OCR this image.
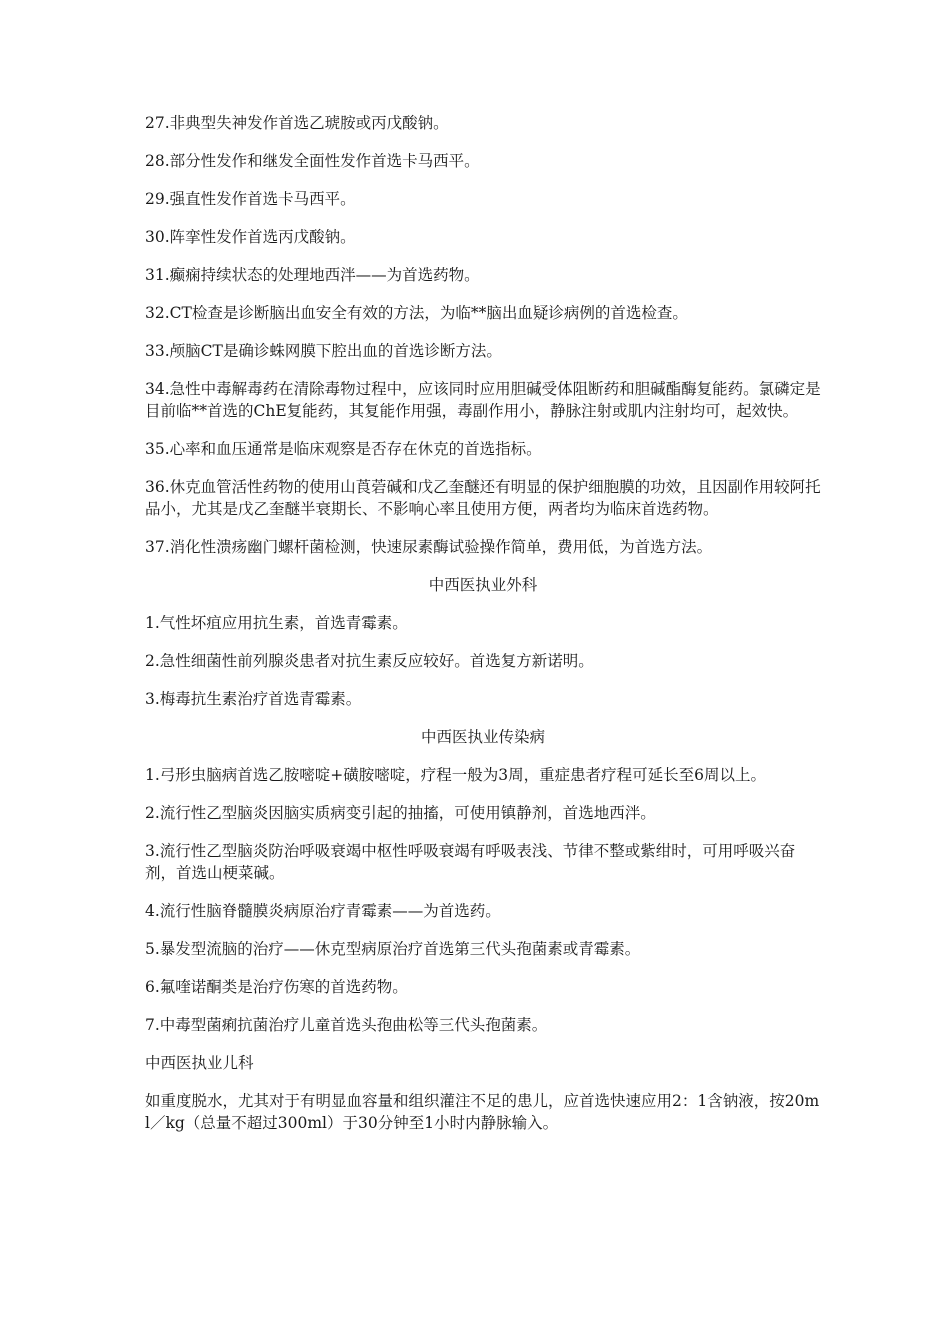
27.非典型失神发作首选乙琥胺或丙戊酸钠。

28.部分性发作和继发全面性发作首选卡马西平。

29.强直性发作首选卡马西平。

30.阵挛性发作首选丙戊酸钠。

31.癫痫持续状态的处理地西泮——为首选药物。

32.CT检查是诊断脑出血安全有效的方法，为临**脑出血疑诊病例的首选检查。

33.颅脑CT是确诊蛛网膜下腔出血的首选诊断方法。

34.急性中毒解毒药在清除毒物过程中，应该同时应用胆碱受体阻断药和胆碱酯酶复能药。氯磷定是目前临**首选的ChE复能药，其复能作用强，毒副作用小，静脉注射或肌内注射均可，起效快。

35.心率和血压通常是临床观察是否存在休克的首选指标。

36.休克血管活性药物的使用山莨菪碱和戊乙奎醚还有明显的保护细胞膜的功效，且因副作用较阿托品小，尤其是戊乙奎醚半衰期长、不影响心率且使用方便，两者均为临床首选药物。

37.消化性溃疡幽门螺杆菌检测，快速尿素酶试验操作简单，费用低，为首选方法。

中西医执业外科

1.气性坏疽应用抗生素，首选青霉素。

2.急性细菌性前列腺炎患者对抗生素反应较好。首选复方新诺明。

3.梅毒抗生素治疗首选青霉素。

中西医执业传染病

1.弓形虫脑病首选乙胺嘧啶+磺胺嘧啶，疗程一般为3周，重症患者疗程可延长至6周以上。

2.流行性乙型脑炎因脑实质病变引起的抽搐，可使用镇静剂，首选地西泮。

3.流行性乙型脑炎防治呼吸衰竭中枢性呼吸衰竭有呼吸表浅、节律不整或紫绀时，可用呼吸兴奋剂，首选山梗菜碱。

4.流行性脑脊髓膜炎病原治疗青霉素——为首选药。

5.暴发型流脑的治疗——休克型病原治疗首选第三代头孢菌素或青霉素。

6.氟喹诺酮类是治疗伤寒的首选药物。

7.中毒型菌痢抗菌治疗儿童首选头孢曲松等三代头孢菌素。

中西医执业儿科

如重度脱水，尤其对于有明显血容量和组织灌注不足的患儿，应首选快速应用2：1含钠液，按20ml／kg（总量不超过300ml）于30分钟至1小时内静脉输入。
